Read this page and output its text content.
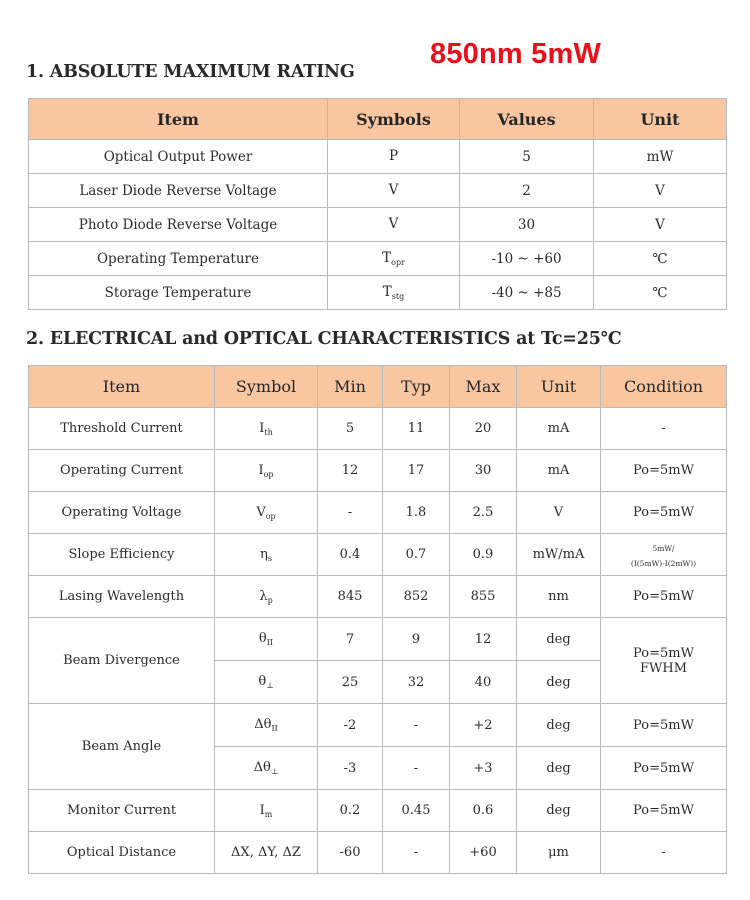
850nm 5mW
1. ABSOLUTE MAXIMUM RATING
Item	Symbols	Values	Unit
Optical Output Power	P	5	mW
Laser Diode Reverse Voltage	V	2	V
Photo Diode Reverse Voltage	V	30	V
Operating Temperature	$T_{opr}$	-10 ~ +60	℃
Storage Temperature	$T_{stg}$	-40 ~ +85	℃
2. ELECTRICAL and OPTICAL CHARACTERISTICS at Tc=25℃
Item	Symbol	Min	Typ	Max	Unit	Condition
Threshold Current	$I_{th}$	5	11	20	mA	-
Operating Current	$I_{op}$	12	17	30	mA	Po=5mW
Operating Voltage	$V_{op}$	-	1.8	2.5	V	Po=5mW
Slope Efficiency	$\eta_s$	0.4	0.7	0.9	mW/mA	5mW/
(I(5mW)-I(2mW))
Lasing Wavelength	$\lambda_p$	845	852	855	nm	Po=5mW
Beam Divergence	$\theta_{II}$	7	9	12	deg	Po=5mW
FWHM
	$\theta_\perp$	25	32	40	deg	
Beam Angle	$\Delta\theta_{II}$	-2	-	+2	deg	Po=5mW
	$\Delta\theta_\perp$	-3	-	+3	deg	Po=5mW
Monitor Current	$I_m$	0.2	0.45	0.6	deg	Po=5mW
Optical Distance	ΔX, ΔY, ΔZ	-60	-	+60	μm	-
